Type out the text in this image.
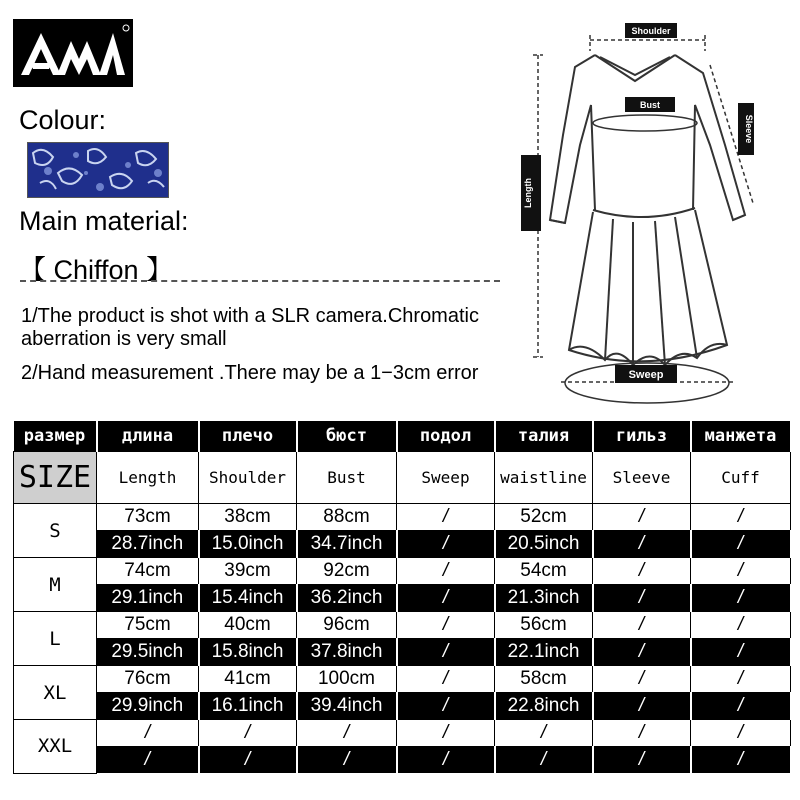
Colour:
Main material:
【 Chiffon 】
1/The product is shot with a SLR camera.Chromatic aberration is very small
2/Hand measurement .There may be a 1−3cm error
Shoulder
Bust
Sleeve
Length
Sweep
размер	длина	плечо	бюст	подол	талия	гильз	манжета
SIZE	Length	Shoulder	Bust	Sweep	waistline	Sleeve	Cuff
S	73cm	38cm	88cm	/	52cm	/	/
	28.7inch	15.0inch	34.7inch	/	20.5inch	/	/
M	74cm	39cm	92cm	/	54cm	/	/
	29.1inch	15.4inch	36.2inch	/	21.3inch	/	/
L	75cm	40cm	96cm	/	56cm	/	/
	29.5inch	15.8inch	37.8inch	/	22.1inch	/	/
XL	76cm	41cm	100cm	/	58cm	/	/
	29.9inch	16.1inch	39.4inch	/	22.8inch	/	/
XXL	/	/	/	/	/	/	/
	/	/	/	/	/	/	/
